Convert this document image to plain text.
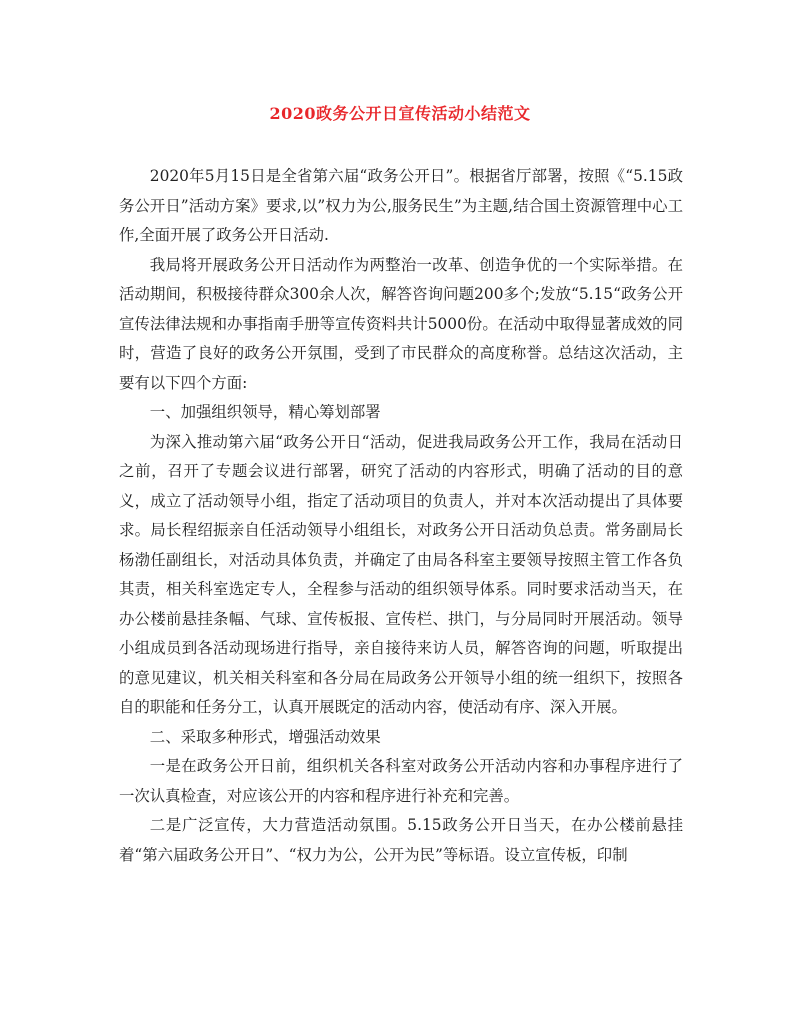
2020政务公开日宣传活动小结范文

2020年5月15日是全省第六届“政务公开日”。根据省厅部署，按照《“5.15政务公开日”活动方案》要求,以”权力为公,服务民生”为主题,结合国土资源管理中心工作,全面开展了政务公开日活动.

我局将开展政务公开日活动作为两整治一改革、创造争优的一个实际举措。在活动期间，积极接待群众300余人次，解答咨询问题200多个;发放“5.15“政务公开宣传法律法规和办事指南手册等宣传资料共计5000份。在活动中取得显著成效的同时，营造了良好的政务公开氛围，受到了市民群众的高度称誉。总结这次活动，主要有以下四个方面:

一、加强组织领导，精心筹划部署

为深入推动第六届“政务公开日“活动，促进我局政务公开工作，我局在活动日之前，召开了专题会议进行部署，研究了活动的内容形式，明确了活动的目的意义，成立了活动领导小组，指定了活动项目的负责人，并对本次活动提出了具体要求。局长程绍振亲自任活动领导小组组长，对政务公开日活动负总责。常务副局长杨渤任副组长，对活动具体负责，并确定了由局各科室主要领导按照主管工作各负其责，相关科室选定专人，全程参与活动的组织领导体系。同时要求活动当天，在办公楼前悬挂条幅、气球、宣传板报、宣传栏、拱门，与分局同时开展活动。领导小组成员到各活动现场进行指导，亲自接待来访人员，解答咨询的问题，听取提出的意见建议，机关相关科室和各分局在局政务公开领导小组的统一组织下，按照各自的职能和任务分工，认真开展既定的活动内容，使活动有序、深入开展。

二、采取多种形式，增强活动效果

一是在政务公开日前，组织机关各科室对政务公开活动内容和办事程序进行了一次认真检查，对应该公开的内容和程序进行补充和完善。

二是广泛宣传，大力营造活动氛围。5.15政务公开日当天，在办公楼前悬挂着“第六届政务公开日”、“权力为公，公开为民”等标语。设立宣传板，印制
